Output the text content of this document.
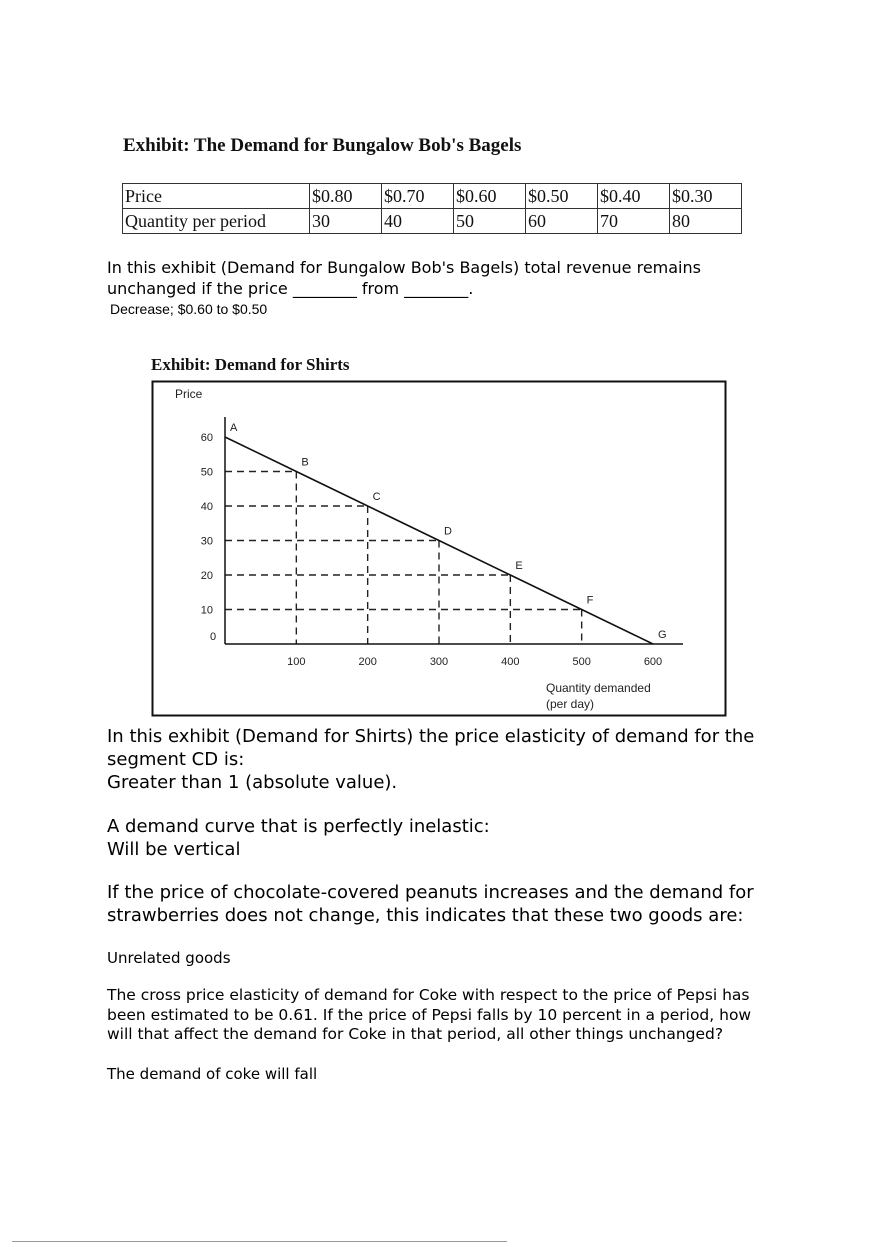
Exhibit: The Demand for Bungalow Bob's Bagels
Price	$0.80	$0.70	$0.60	$0.50	$0.40	$0.30
Quantity per period	30	40	50	60	70	80
In this exhibit (Demand for Bungalow Bob's Bagels) total revenue remains unchanged if the price ________ from ________.
Decrease; $0.60 to $0.50
Exhibit: Demand for Shirts
60
50
40
30
20
10
100	200	300	400	500	600
Price
0
Quantity demanded
(per day)
A
B
C
D
E
F
G
In this exhibit (Demand for Shirts) the price elasticity of demand for the segment CD is:
Greater than 1 (absolute value).
A demand curve that is perfectly inelastic:
Will be vertical
If the price of chocolate-covered peanuts increases and the demand for strawberries does not change, this indicates that these two goods are:
Unrelated goods
The cross price elasticity of demand for Coke with respect to the price of Pepsi has been estimated to be 0.61. If the price of Pepsi falls by 10 percent in a period, how will that affect the demand for Coke in that period, all other things unchanged?
The demand of coke will fall
